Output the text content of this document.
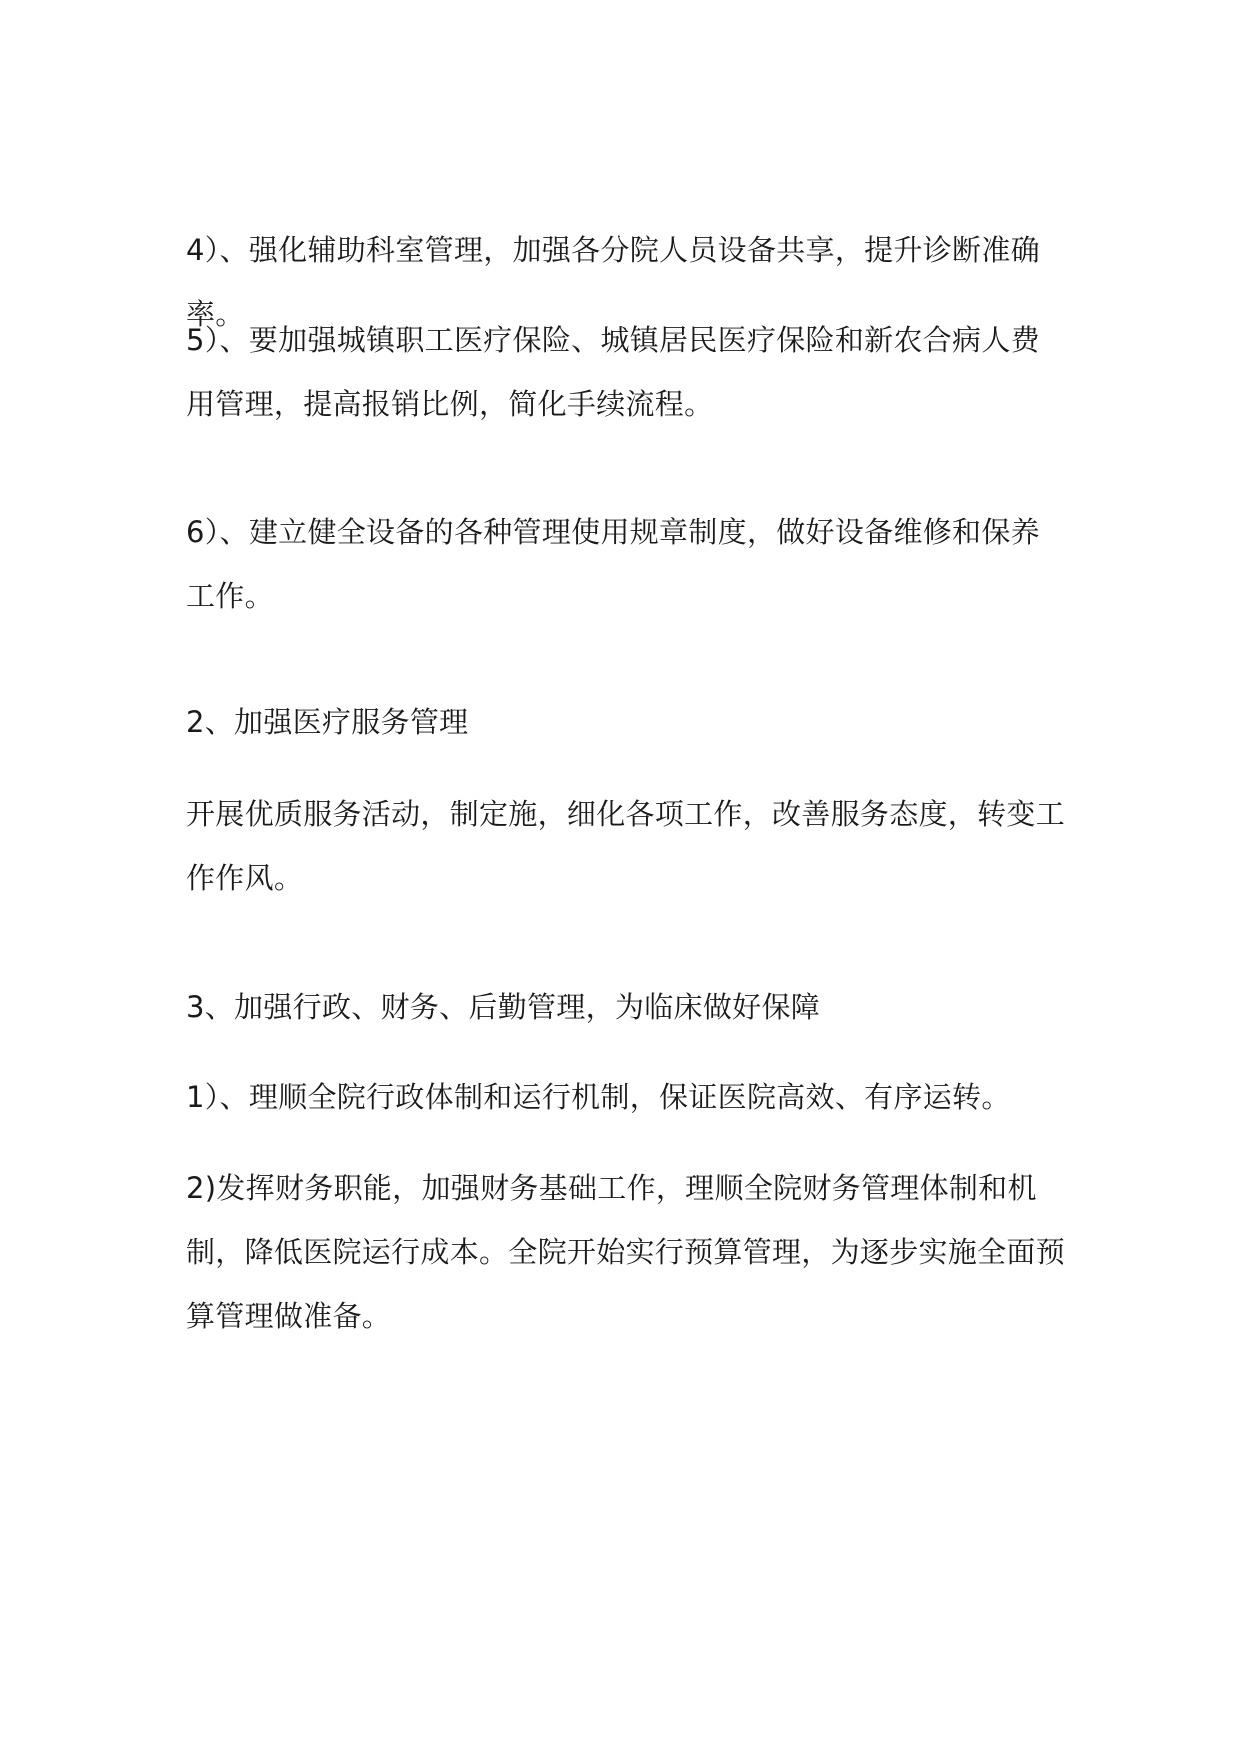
4）、强化辅助科室管理，加强各分院人员设备共享，提升诊断准确率。

5）、要加强城镇职工医疗保险、城镇居民医疗保险和新农合病人费用管理，提高报销比例，简化手续流程。

6）、建立健全设备的各种管理使用规章制度，做好设备维修和保养工作。

2、加强医疗服务管理

开展优质服务活动，制定施，细化各项工作，改善服务态度，转变工作作风。

3、加强行政、财务、后勤管理，为临床做好保障

1）、理顺全院行政体制和运行机制，保证医院高效、有序运转。

2)发挥财务职能，加强财务基础工作，理顺全院财务管理体制和机制，降低医院运行成本。全院开始实行预算管理，为逐步实施全面预算管理做准备。
